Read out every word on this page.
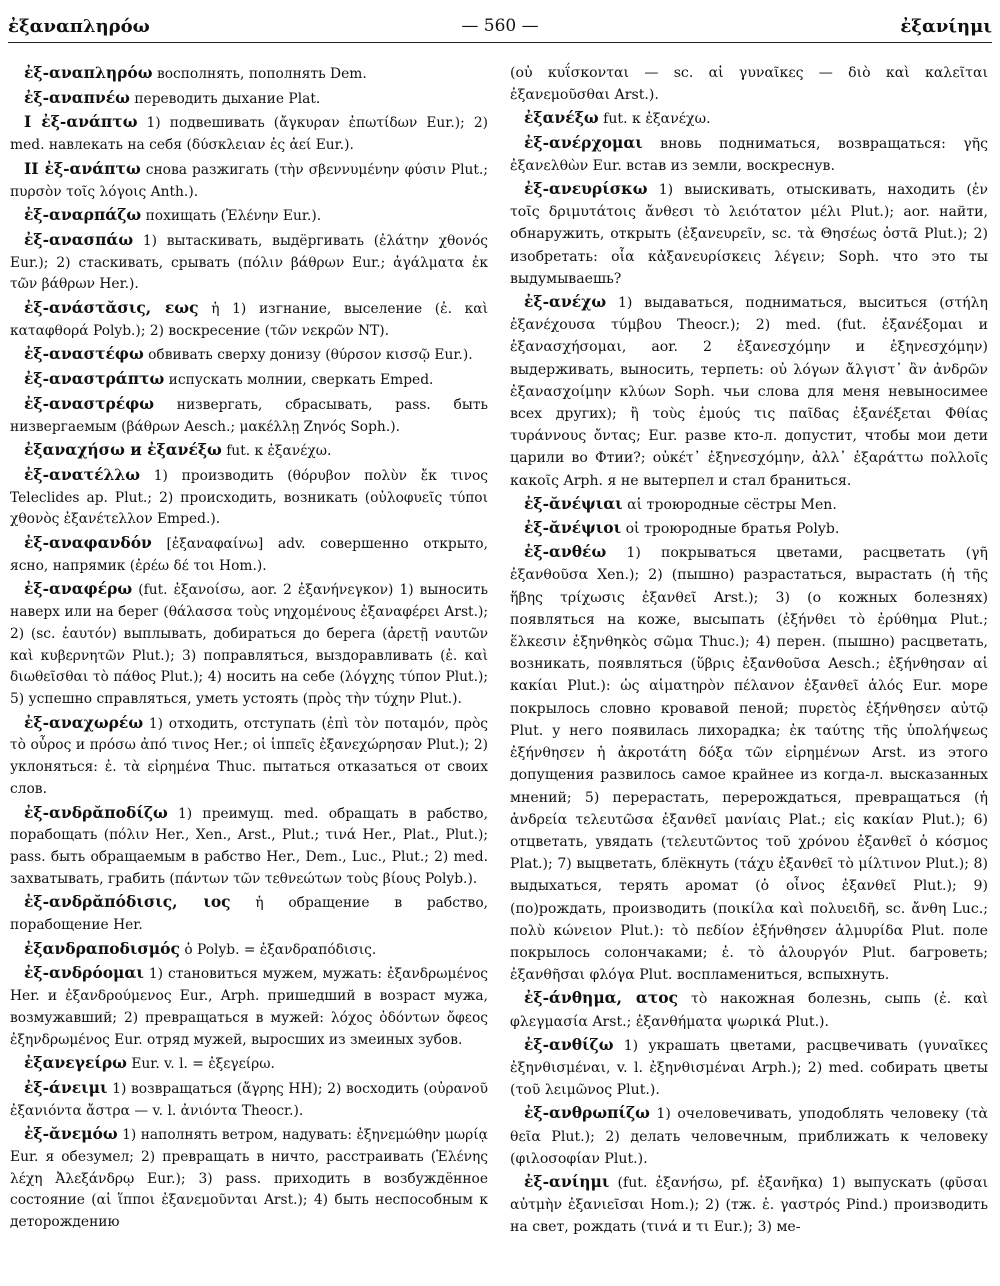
ἐξαναπληρόω	— 560 —	ἐξανίημι

ἐξ-αναπληρόω восполнять, пополнять Dem.

ἐξ-αναπνέω переводить дыхание Plat.

I ἐξ-ανάπτω 1) подвешивать (ἄγκυραν ἐπωτίδων Eur.); 2) med. навлекать на себя (δύσκλειαν ἐς ἀεί Eur.).

II ἐξ-ανάπτω снова разжигать (τὴν σβεννυμένην φύσιν Plut.; πυρσὸν τοῖς λόγοις Anth.).

ἐξ-αναρπάζω похищать (Ἑλένην Eur.).

ἐξ-ανασπάω 1) вытаскивать, выдёргивать (ἐλάτην χθονός Eur.); 2) стаскивать, срывать (πόλιν βάθρων Eur.; ἀγάλματα ἐκ τῶν βάθρων Her.).

ἐξ-ανάστᾰσις, εως ἡ 1) изгнание, выселение (ἐ. καὶ καταφθορά Polyb.); 2) воскресение (τῶν νεκρῶν NT).

ἐξ-αναστέφω обвивать сверху донизу (θύρσον κισσῷ Eur.).

ἐξ-αναστράπτω испускать молнии, сверкать Emped.

ἐξ-αναστρέφω низвергать, сбрасывать, pass. быть низвергаемым (βάθρων Aesch.; μακέλλῃ Ζηνός Soph.).

ἐξαναχήσω и ἐξανέξω fut. к ἐξανέχω.

ἐξ-ανατέλλω 1) производить (θόρυβον πολὺν ἔκ τινος Teleclides ap. Plut.; 2) происходить, возникать (οὐλοφυεῖς τύποι χθονὸς ἐξανέτελλον Emped.).

ἐξ-αναφανδόν [ἐξαναφαίνω] adv. совершенно открыто, ясно, напрямик (ἐρέω δέ τοι Hom.).

ἐξ-αναφέρω (fut. ἐξανοίσω, aor. 2 ἐξανήνεγκον) 1) выносить наверх или на берег (θάλασσα τοὺς νηχομένους ἐξαναφέρει Arst.); 2) (sc. ἑαυτόν) выплывать, добираться до берега (ἀρετῇ ναυτῶν καὶ κυβερνητῶν Plut.); 3) поправляться, выздоравливать (ἐ. καὶ διωθεῖσθαι τὸ πάθος Plut.); 4) носить на себе (λόγχης τύπον Plut.); 5) успешно справляться, уметь устоять (πρὸς τὴν τύχην Plut.).

ἐξ-αναχωρέω 1) отходить, отступать (ἐπὶ τὸν ποταμόν, πρὸς τὸ οὖρος и πρόσω ἀπό τινος Her.; οἱ ἱππεῖς ἐξανεχώρησαν Plut.); 2) уклоняться: ἐ. τὰ εἰρημένα Thuc. пытаться отказаться от своих слов.

ἐξ-ανδρᾰποδίζω 1) преимущ. med. обращать в рабство, порабощать (πόλιν Her., Xen., Arst., Plut.; τινά Her., Plat., Plut.); pass. быть обращаемым в рабство Her., Dem., Luc., Plut.; 2) med. захватывать, грабить (πάντων τῶν τεθνεώτων τοὺς βίους Polyb.).

ἐξ-ανδρᾰπόδισις, ιος ἡ обращение в рабство, порабощение Her.

ἐξανδραποδισμός ὁ Polyb. = ἐξανδραπόδισις.

ἐξ-ανδρόομαι 1) становиться мужем, мужать: ἐξανδρωμένος Her. и ἐξανδρούμενος Eur., Arph. пришедший в возраст мужа, возмужавший; 2) превращаться в мужей: λόχος ὀδόντων ὄφεος ἐξηνδρωμένος Eur. отряд мужей, выросших из змеиных зубов.

ἐξανεγείρω Eur. v. l. = ἐξεγείρω.

ἐξ-άνειμι 1) возвращаться (ἄγρης HH); 2) восходить (οὐρανοῦ ἐξανιόντα ἄστρα — v. l. ἀνιόντα Theocr.).

ἐξ-ᾰνεμόω 1) наполнять ветром, надувать: ἐξηνεμώθην μωρίᾳ Eur. я обезумел; 2) превращать в ничто, расстраивать (Ἑλένης λέχη Ἀλεξάνδρῳ Eur.); 3) pass. приходить в возбуждённое состояние (αἱ ἵπποι ἐξανεμοῦνται Arst.); 4) быть неспособным к деторождению

(οὐ κυΐσκονται — sc. αἱ γυναῖκες — διὸ καὶ καλεῖται ἐξανεμοῦσθαι Arst.).

ἐξανέξω fut. к ἐξανέχω.

ἐξ-ανέρχομαι вновь подниматься, возвращаться: γῆς ἐξανελθὼν Eur. встав из земли, воскреснув.

ἐξ-ανευρίσκω 1) выискивать, отыскивать, находить (ἐν τοῖς δριμυτάτοις ἄνθεσι τὸ λειότατον μέλι Plut.); aor. найти, обнаружить, открыть (ἐξανευρεῖν, sc. τὰ Θησέως ὀστᾶ Plut.); 2) изобретать: οἷα κἀξανευρίσκεις λέγειν; Soph. что это ты выдумываешь?

ἐξ-ανέχω 1) выдаваться, подниматься, выситься (στήλη ἐξανέχουσα τύμβου Theocr.); 2) med. (fut. ἐξανέξομαι и ἐξανασχήσομαι, aor. 2 ἐξανεσχόμην и ἐξηνεσχόμην) выдерживать, выносить, терпеть: οὐ λόγων ἄλγιστ᾽ ἂν ἀνδρῶν ἐξανασχοίμην κλύων Soph. чьи слова для меня невыносимее всех других); ἢ τοὺς ἐμούς τις παῖδας ἐξανέξεται Φθίας τυράννους ὄντας; Eur. разве кто-л. допустит, чтобы мои дети царили во Фтии?; οὐκέτ᾽ ἐξηνεσχόμην, ἀλλ᾽ ἐξαράττω πολλοῖς κακοῖς Arph. я не вытерпел и стал браниться.

ἐξ-ᾰνέψιαι αἱ троюродные сёстры Men.

ἐξ-ᾰνέψιοι οἱ троюродные братья Polyb.

ἐξ-ανθέω 1) покрываться цветами, расцветать (γῆ ἐξανθοῦσα Xen.); 2) (пышно) разрастаться, вырастать (ἡ τῆς ἥβης τρίχωσις ἐξανθεῖ Arst.); 3) (о кожных болезнях) появляться на коже, высыпать (ἐξήνθει τὸ ἐρύθημα Plut.; ἕλκεσιν ἐξηνθηκὸς σῶμα Thuc.); 4) перен. (пышно) расцветать, возникать, появляться (ὕβρις ἐξανθοῦσα Aesch.; ἐξήνθησαν αἱ κακίαι Plut.): ὡς αἱματηρὸν πέλανον ἐξανθεῖ ἁλός Eur. море покрылось словно кровавой пеной; πυρετὸς ἐξήνθησεν αὐτῷ Plut. у него появилась лихорадка; ἐκ ταύτης τῆς ὑπολήψεως ἐξήνθησεν ἡ ἀκροτάτη δόξα τῶν εἰρημένων Arst. из этого допущения развилось самое крайнее из когда-л. высказанных мнений; 5) перерастать, перерождаться, превращаться (ἡ ἀνδρεία τελευτῶσα ἐξανθεῖ μανίαις Plat.; εἰς κακίαν Plut.); 6) отцветать, увядать (τελευτῶντος τοῦ χρόνου ἐξανθεῖ ὁ κόσμος Plat.); 7) выцветать, блёкнуть (τάχυ ἐξανθεῖ τὸ μίλτινον Plut.); 8) выдыхаться, терять аромат (ὁ οἶνος ἐξανθεῖ Plut.); 9) (по)рождать, производить (ποικίλα καὶ πολυειδῆ, sc. ἄνθη Luc.; πολὺ κώνειον Plut.): τὸ πεδίον ἐξήνθησεν ἁλμυρίδα Plut. поле покрылось солончаками; ἐ. τὸ ἁλουργόν Plut. багроветь; ἐξανθῆσαι φλόγα Plut. воспламениться, вспыхнуть.

ἐξ-άνθημα, ατος τὸ накожная болезнь, сыпь (ἐ. καὶ φλεγμασία Arst.; ἐξανθήματα ψωρικά Plut.).

ἐξ-ανθίζω 1) украшать цветами, расцвечивать (γυναῖκες ἐξηνθισμέναι, v. l. ἐξηνθισμέναι Arph.); 2) med. собирать цветы (τοῦ λειμῶνος Plut.).

ἐξ-ανθρωπίζω 1) очеловечивать, уподоблять человеку (τὰ θεῖα Plut.); 2) делать человечным, приближать к человеку (φιλοσοφίαν Plut.).

ἐξ-ανίημι (fut. ἐξανήσω, pf. ἐξανῆκα) 1) выпускать (φῦσαι αὐτμὴν ἐξανιεῖσαι Hom.); 2) (тж. ἐ. γαστρός Pind.) производить на свет, рождать (τινά и τι Eur.); 3) ме-
